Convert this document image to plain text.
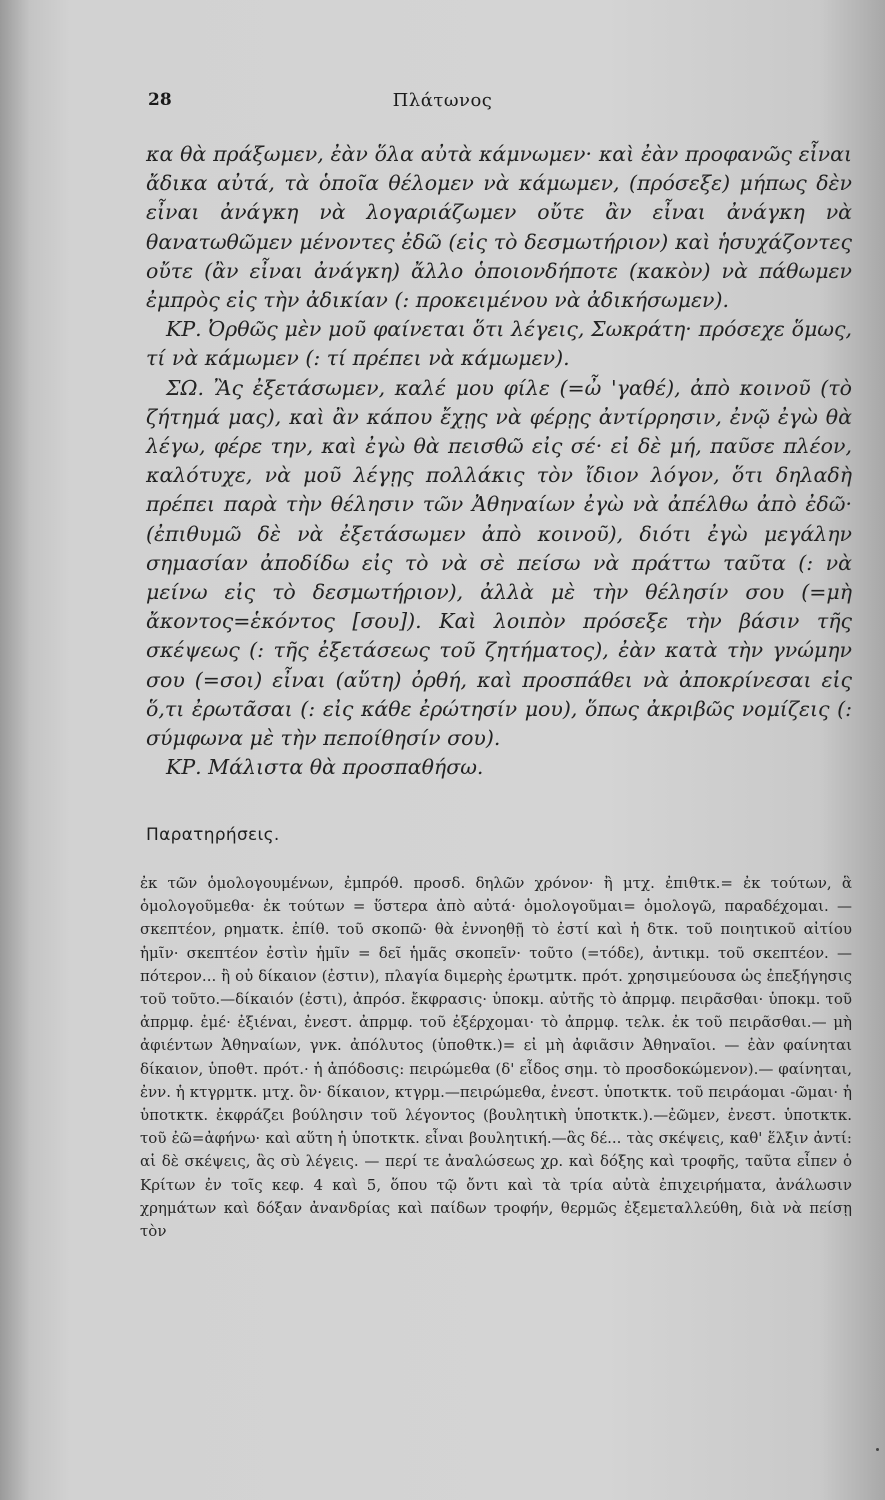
28	Πλάτωνος

κα θὰ πράξωμεν, ἐὰν ὅλα αὐτὰ κάμνωμεν· καὶ ἐὰν προφανῶς εἶναι ἄδικα αὐτά, τὰ ὁποῖα θέλομεν νὰ κάμωμεν, (πρόσεξε) μήπως δὲν εἶναι ἀνάγκη νὰ λογαριάζωμεν οὔτε ἂν εἶναι ἀνάγκη νὰ θανατωθῶμεν μένοντες ἐδῶ (εἰς τὸ δεσμωτήριον) καὶ ἡσυχάζοντες οὔτε (ἂν εἶναι ἀνάγκη) ἄλλο ὁποιονδήποτε (κακὸν) νὰ πάθωμεν ἐμπρὸς εἰς τὴν ἀδικίαν (: προκειμένου νὰ ἀδικήσωμεν).

ΚΡ. Ὀρθῶς μὲν μοῦ φαίνεται ὅτι λέγεις, Σωκράτη· πρόσεχε ὅμως, τί νὰ κάμωμεν (: τί πρέπει νὰ κάμωμεν).

ΣΩ. Ἂς ἐξετάσωμεν, καλέ μου φίλε (=ὦ 'γαθέ), ἀπὸ κοινοῦ (τὸ ζήτημά μας), καὶ ἂν κάπου ἔχῃς νὰ φέρῃς ἀντίρρησιν, ἐνῷ ἐγὼ θὰ λέγω, φέρε την, καὶ ἐγὼ θὰ πεισθῶ εἰς σέ· εἰ δὲ μή, παῦσε πλέον, καλότυχε, νὰ μοῦ λέγῃς πολλάκις τὸν ἴδιον λόγον, ὅτι δηλαδὴ πρέπει παρὰ τὴν θέλησιν τῶν Ἀθηναίων ἐγὼ νὰ ἀπέλθω ἀπὸ ἐδῶ· (ἐπιθυμῶ δὲ νὰ ἐξετάσωμεν ἀπὸ κοινοῦ), διότι ἐγὼ μεγάλην σημασίαν ἀποδίδω εἰς τὸ νὰ σὲ πείσω νὰ πράττω ταῦτα (: νὰ μείνω εἰς τὸ δεσμωτήριον), ἀλλὰ μὲ τὴν θέλησίν σου (=μὴ ἄκοντος=ἑκόντος [σου]). Καὶ λοιπὸν πρόσεξε τὴν βάσιν τῆς σκέψεως (: τῆς ἐξετάσεως τοῦ ζητήματος), ἐὰν κατὰ τὴν γνώμην σου (=σοι) εἶναι (αὕτη) ὀρθή, καὶ προσπάθει νὰ ἀποκρίνεσαι εἰς ὅ,τι ἐρωτᾶσαι (: εἰς κάθε ἐρώτησίν μου), ὅπως ἀκριβῶς νομίζεις (: σύμφωνα μὲ τὴν πεποίθησίν σου).

ΚΡ. Μάλιστα θὰ προσπαθήσω.

Παρατηρήσεις.

ἐκ τῶν ὁμολογουμένων, ἐμπρόθ. προσδ. δηλῶν χρόνον· ἢ μτχ. ἐπιθτκ.= ἐκ τούτων, ἃ ὁμολογοῦμεθα· ἐκ τούτων = ὕστερα ἀπὸ αὐτά· ὁμολογοῦμαι= ὁμολογῶ, παραδέχομαι. — σκεπτέον, ρηματκ. ἐπίθ. τοῦ σκοπῶ· θὰ ἐννοηθῇ τὸ ἐστί καὶ ἡ δτκ. τοῦ ποιητικοῦ αἰτίου ἡμῖν· σκεπτέον ἐστὶν ἡμῖν = δεῖ ἡμᾶς σκοπεῖν· τοῦτο (=τόδε), ἀντικμ. τοῦ σκεπτέον. — πότερον... ἢ οὐ δίκαιον (ἐστιν), πλαγία διμερὴς ἐρωτμτκ. πρότ. χρησιμεύουσα ὡς ἐπεξήγησις τοῦ τοῦτο.—δίκαιόν (ἐστι), ἀπρόσ. ἔκφρασις· ὑποκμ. αὐτῆς τὸ ἀπρμφ. πειρᾶσθαι· ὑποκμ. τοῦ ἀπρμφ. ἐμέ· ἐξιέναι, ἐνεστ. ἀπρμφ. τοῦ ἐξέρχομαι· τὸ ἀπρμφ. τελκ. ἐκ τοῦ πειρᾶσθαι.— μὴ ἀφιέντων Ἀθηναίων, γνκ. ἀπόλυτος (ὑποθτκ.)= εἰ μὴ ἀφιᾶσιν Ἀθηναῖοι. — ἐὰν φαίνηται δίκαιον, ὑποθτ. πρότ.· ἡ ἀπόδοσις: πειρώμεθα (δ' εἶδος σημ. τὸ προσδοκώμενον).— φαίνηται, ἐνν. ἡ κτγρμτκ. μτχ. ὂν· δίκαιον, κτγρμ.—πειρώμεθα, ἐνεστ. ὑποτκτκ. τοῦ πειράομαι -ῶμαι· ἡ ὑποτκτκ. ἐκφράζει βούλησιν τοῦ λέγοντος (βουλητικὴ ὑποτκτκ.).—ἐῶμεν, ἐνεστ. ὑποτκτκ. τοῦ ἐῶ=ἀφήνω· καὶ αὕτη ἡ ὑποτκτκ. εἶναι βουλητική.—ἃς δέ... τὰς σκέψεις, καθ' ἕλξιν ἀντί: αἱ δὲ σκέψεις, ἃς σὺ λέγεις. — περί τε ἀναλώσεως χρ. καὶ δόξης καὶ τροφῆς, ταῦτα εἶπεν ὁ Κρίτων ἐν τοῖς κεφ. 4 καὶ 5, ὅπου τῷ ὄντι καὶ τὰ τρία αὐτὰ ἐπιχειρήματα, ἀνάλωσιν χρημάτων καὶ δόξαν ἀνανδρίας καὶ παίδων τροφήν, θερμῶς ἐξεμεταλλεύθη, διὰ νὰ πείσῃ τὸν
